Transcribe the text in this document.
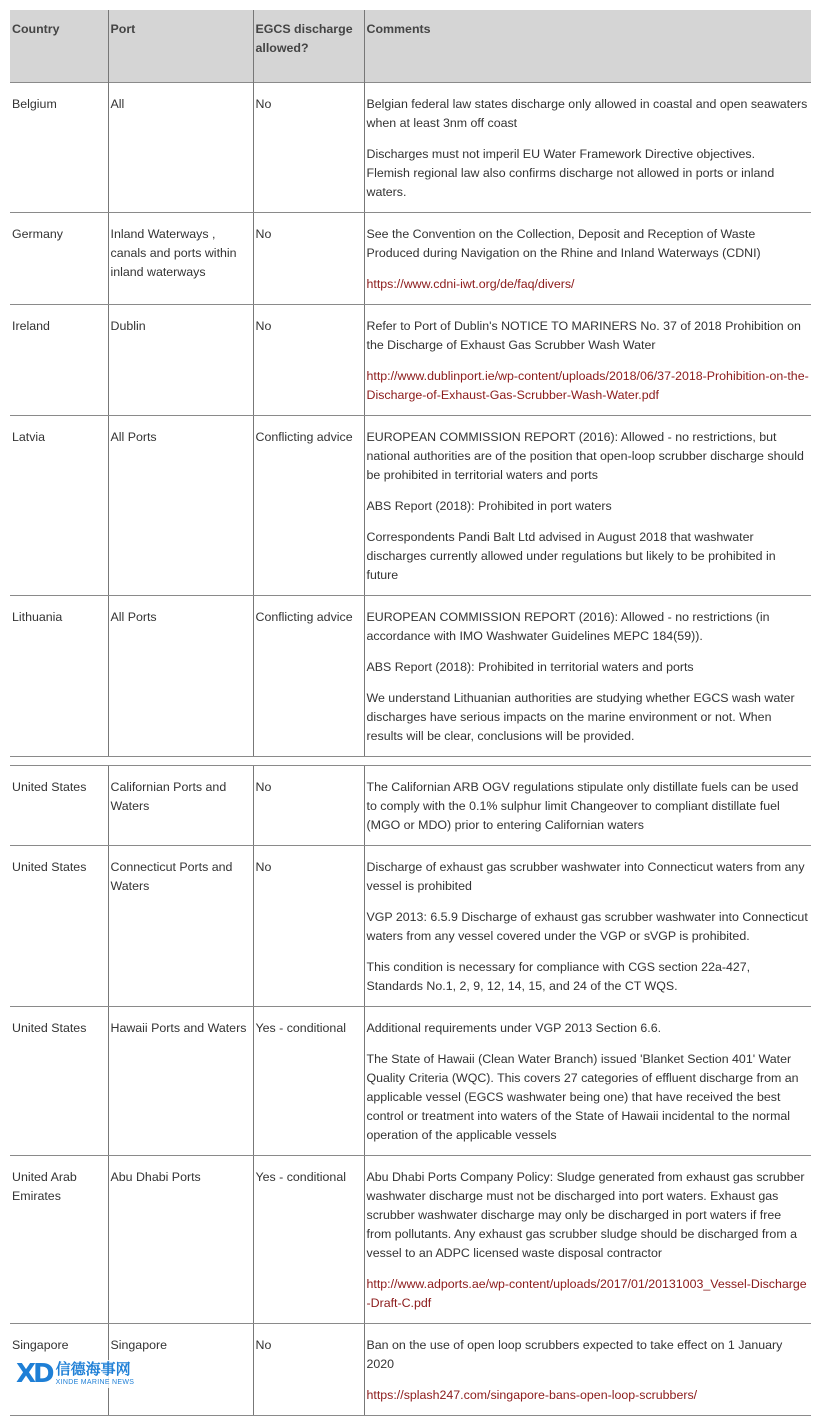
Country	Port	EGCS discharge allowed?	Comments
Belgium	All	No	Belgian federal law states discharge only allowed in coastal and open seawaters when at least 3nm off coast

Discharges must not imperil EU Water Framework Directive objectives.
Flemish regional law also confirms discharge not allowed in ports or inland waters.

Germany	Inland Waterways , canals and ports within inland waterways	No	See the Convention on the Collection, Deposit and Reception of Waste Produced during Navigation on the Rhine and Inland Waterways (CDNI)

https://www.cdni-iwt.org/de/faq/divers/

Ireland	Dublin	No	Refer to Port of Dublin's NOTICE TO MARINERS No. 37 of 2018 Prohibition on the Discharge of Exhaust Gas Scrubber Wash Water

http://www.dublinport.ie/wp-content/uploads/2018/06/37-2018-Prohibition-on-the-Discharge-of-Exhaust-Gas-Scrubber-Wash-Water.pdf

Latvia	All Ports	Conflicting advice	EUROPEAN COMMISSION REPORT (2016): Allowed - no restrictions, but national authorities are of the position that open-loop scrubber discharge should be prohibited in territorial waters and ports

ABS Report (2018): Prohibited in port waters

Correspondents Pandi Balt Ltd advised in August 2018 that washwater discharges currently allowed under regulations but likely to be prohibited in future

Lithuania	All Ports	Conflicting advice	EUROPEAN COMMISSION REPORT (2016): Allowed - no restrictions (in accordance with IMO Washwater Guidelines MEPC 184(59)).

ABS Report (2018): Prohibited in territorial waters and ports

We understand Lithuanian authorities are studying whether EGCS wash water discharges have serious impacts on the marine environment or not. When results will be clear, conclusions will be provided.

United States	Californian Ports and Waters	No	The Californian ARB OGV regulations stipulate only distillate fuels can be used to comply with the 0.1% sulphur limit Changeover to compliant distillate fuel (MGO or MDO) prior to entering Californian waters

United States	Connecticut Ports and Waters	No	Discharge of exhaust gas scrubber washwater into Connecticut waters from any vessel is prohibited

VGP 2013: 6.5.9 Discharge of exhaust gas scrubber washwater into Connecticut waters from any vessel covered under the VGP or sVGP is prohibited.

This condition is necessary for compliance with CGS section 22a-427, Standards No.1, 2, 9, 12, 14, 15, and 24 of the CT WQS.

United States	Hawaii Ports and Waters	Yes - conditional	Additional requirements under VGP 2013 Section 6.6.

The State of Hawaii (Clean Water Branch) issued 'Blanket Section 401' Water Quality Criteria (WQC). This covers 27 categories of effluent discharge from an applicable vessel (EGCS washwater being one) that have received the best control or treatment into waters of the State of Hawaii incidental to the normal operation of the applicable vessels

United Arab Emirates	Abu Dhabi Ports	Yes - conditional	Abu Dhabi Ports Company Policy: Sludge generated from exhaust gas scrubber washwater discharge must not be discharged into port waters. Exhaust gas scrubber washwater discharge may only be discharged in port waters if free from pollutants. Any exhaust gas scrubber sludge should be discharged from a vessel to an ADPC licensed waste disposal contractor

http://www.adports.ae/wp-content/uploads/2017/01/20131003_Vessel-Discharge-Draft-C.pdf

Singapore	Singapore	No	Ban on the use of open loop scrubbers expected to take effect on 1 January 2020

https://splash247.com/singapore-bans-open-loop-scrubbers/

XD 信德海事网
XINDE MARINE NEWS
